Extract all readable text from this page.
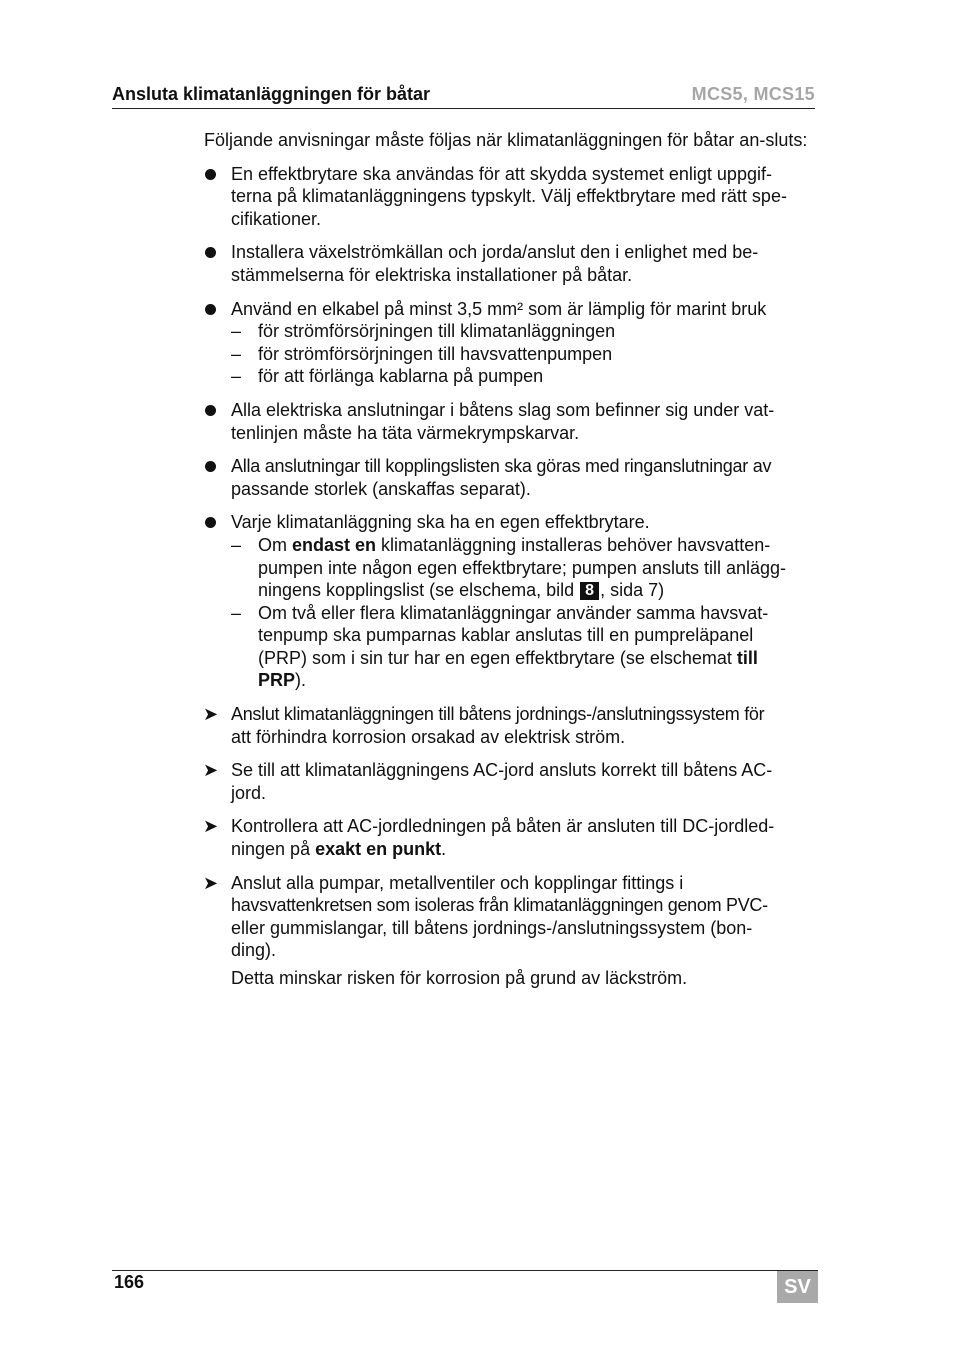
Ansluta klimatanläggningen för båtar	MCS5, MCS15

Följande anvisningar måste följas när klimatanläggningen för båtar an-sluts:

En effektbrytare ska användas för att skydda systemet enligt uppgif-
terna på klimatanläggningens typskylt. Välj effektbrytare med rätt spe-
cifikationer.
Installera växelströmkällan och jorda/anslut den i enlighet med be-
stämmelserna för elektriska installationer på båtar.
Använd en elkabel på minst 3,5 mm² som är lämplig för marint bruk
– för strömförsörjningen till klimatanläggningen
– för strömförsörjningen till havsvattenpumpen
– för att förlänga kablarna på pumpen
Alla elektriska anslutningar i båtens slag som befinner sig under vat-
tenlinjen måste ha täta värmekrympskarvar.
Alla anslutningar till kopplingslisten ska göras med ringanslutningar av
passande storlek (anskaffas separat).
Varje klimatanläggning ska ha en egen effektbrytare.
– Om endast en klimatanläggning installeras behöver havsvatten-
pumpen inte någon egen effektbrytare; pumpen ansluts till anlägg-
ningens kopplingslist (se elschema, bild 8 , sida 7)
– Om två eller flera klimatanläggningar använder samma havsvat-
tenpump ska pumparnas kablar anslutas till en pumpreläpanel
(PRP) som i sin tur har en egen effektbrytare (se elschemat till
PRP).
➤ Anslut klimatanläggningen till båtens jordnings-/anslutningssystem för
att förhindra korrosion orsakad av elektrisk ström.
➤ Se till att klimatanläggningens AC-jord ansluts korrekt till båtens AC-
jord.
➤ Kontrollera att AC-jordledningen på båten är ansluten till DC-jordled-
ningen på exakt en punkt.
➤ Anslut alla pumpar, metallventiler och kopplingar fittings i
havsvattenkretsen som isoleras från klimatanläggningen genom PVC-
eller gummislangar, till båtens jordnings-/anslutningssystem (bon-
ding).

Detta minskar risken för korrosion på grund av läckström.

166	SV
